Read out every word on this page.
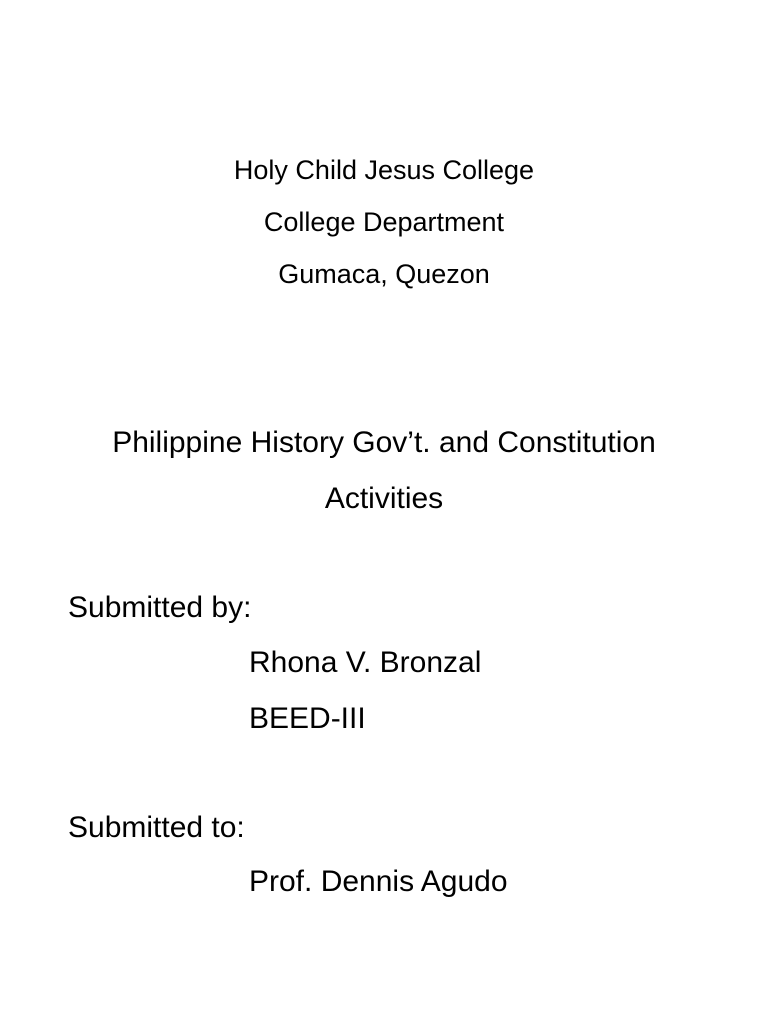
Holy Child Jesus College
College Department
Gumaca, Quezon
Philippine History Gov’t. and Constitution
Activities
Submitted by:
Rhona V. Bronzal
BEED-III
Submitted to:
Prof. Dennis Agudo
